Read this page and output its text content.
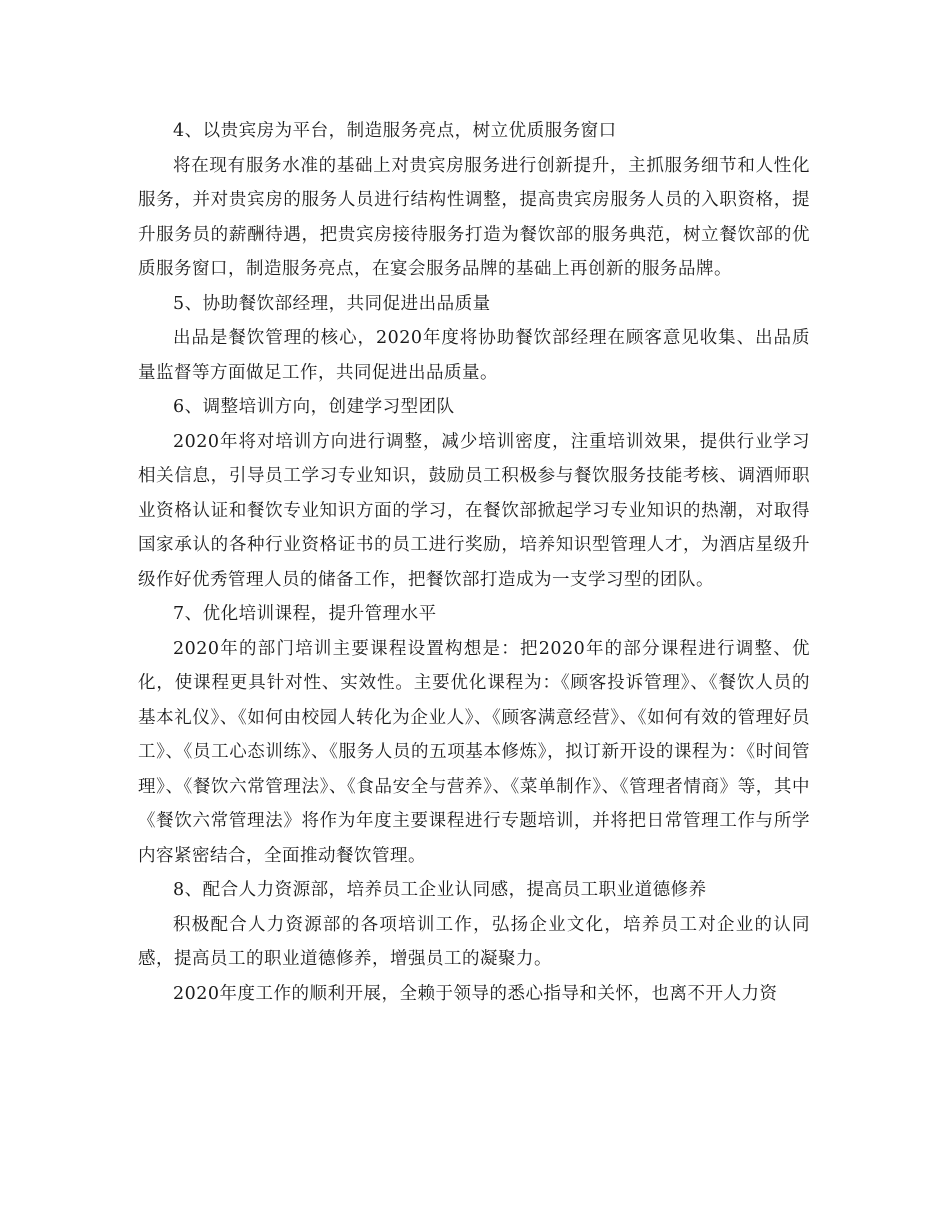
4、以贵宾房为平台，制造服务亮点，树立优质服务窗口

将在现有服务水准的基础上对贵宾房服务进行创新提升，主抓服务细节和人性化服务，并对贵宾房的服务人员进行结构性调整，提高贵宾房服务人员的入职资格，提升服务员的薪酬待遇，把贵宾房接待服务打造为餐饮部的服务典范，树立餐饮部的优质服务窗口，制造服务亮点，在宴会服务品牌的基础上再创新的服务品牌。

5、协助餐饮部经理，共同促进出品质量

出品是餐饮管理的核心，2020年度将协助餐饮部经理在顾客意见收集、出品质量监督等方面做足工作，共同促进出品质量。

6、调整培训方向，创建学习型团队

2020年将对培训方向进行调整，减少培训密度，注重培训效果，提供行业学习相关信息，引导员工学习专业知识，鼓励员工积极参与餐饮服务技能考核、调酒师职业资格认证和餐饮专业知识方面的学习，在餐饮部掀起学习专业知识的热潮，对取得国家承认的各种行业资格证书的员工进行奖励，培养知识型管理人才，为酒店星级升级作好优秀管理人员的储备工作，把餐饮部打造成为一支学习型的团队。

7、优化培训课程，提升管理水平

2020年的部门培训主要课程设置构想是：把2020年的部分课程进行调整、优化，使课程更具针对性、实效性。主要优化课程为：《顾客投诉管理》、《餐饮人员的基本礼仪》、《如何由校园人转化为企业人》、《顾客满意经营》、《如何有效的管理好员工》、《员工心态训练》、《服务人员的五项基本修炼》，拟订新开设的课程为：《时间管理》、《餐饮六常管理法》、《食品安全与营养》、《菜单制作》、《管理者情商》等，其中《餐饮六常管理法》将作为年度主要课程进行专题培训，并将把日常管理工作与所学内容紧密结合，全面推动餐饮管理。

8、配合人力资源部，培养员工企业认同感，提高员工职业道德修养

积极配合人力资源部的各项培训工作，弘扬企业文化，培养员工对企业的认同感，提高员工的职业道德修养，增强员工的凝聚力。

2020年度工作的顺利开展，全赖于领导的悉心指导和关怀，也离不开人力资
